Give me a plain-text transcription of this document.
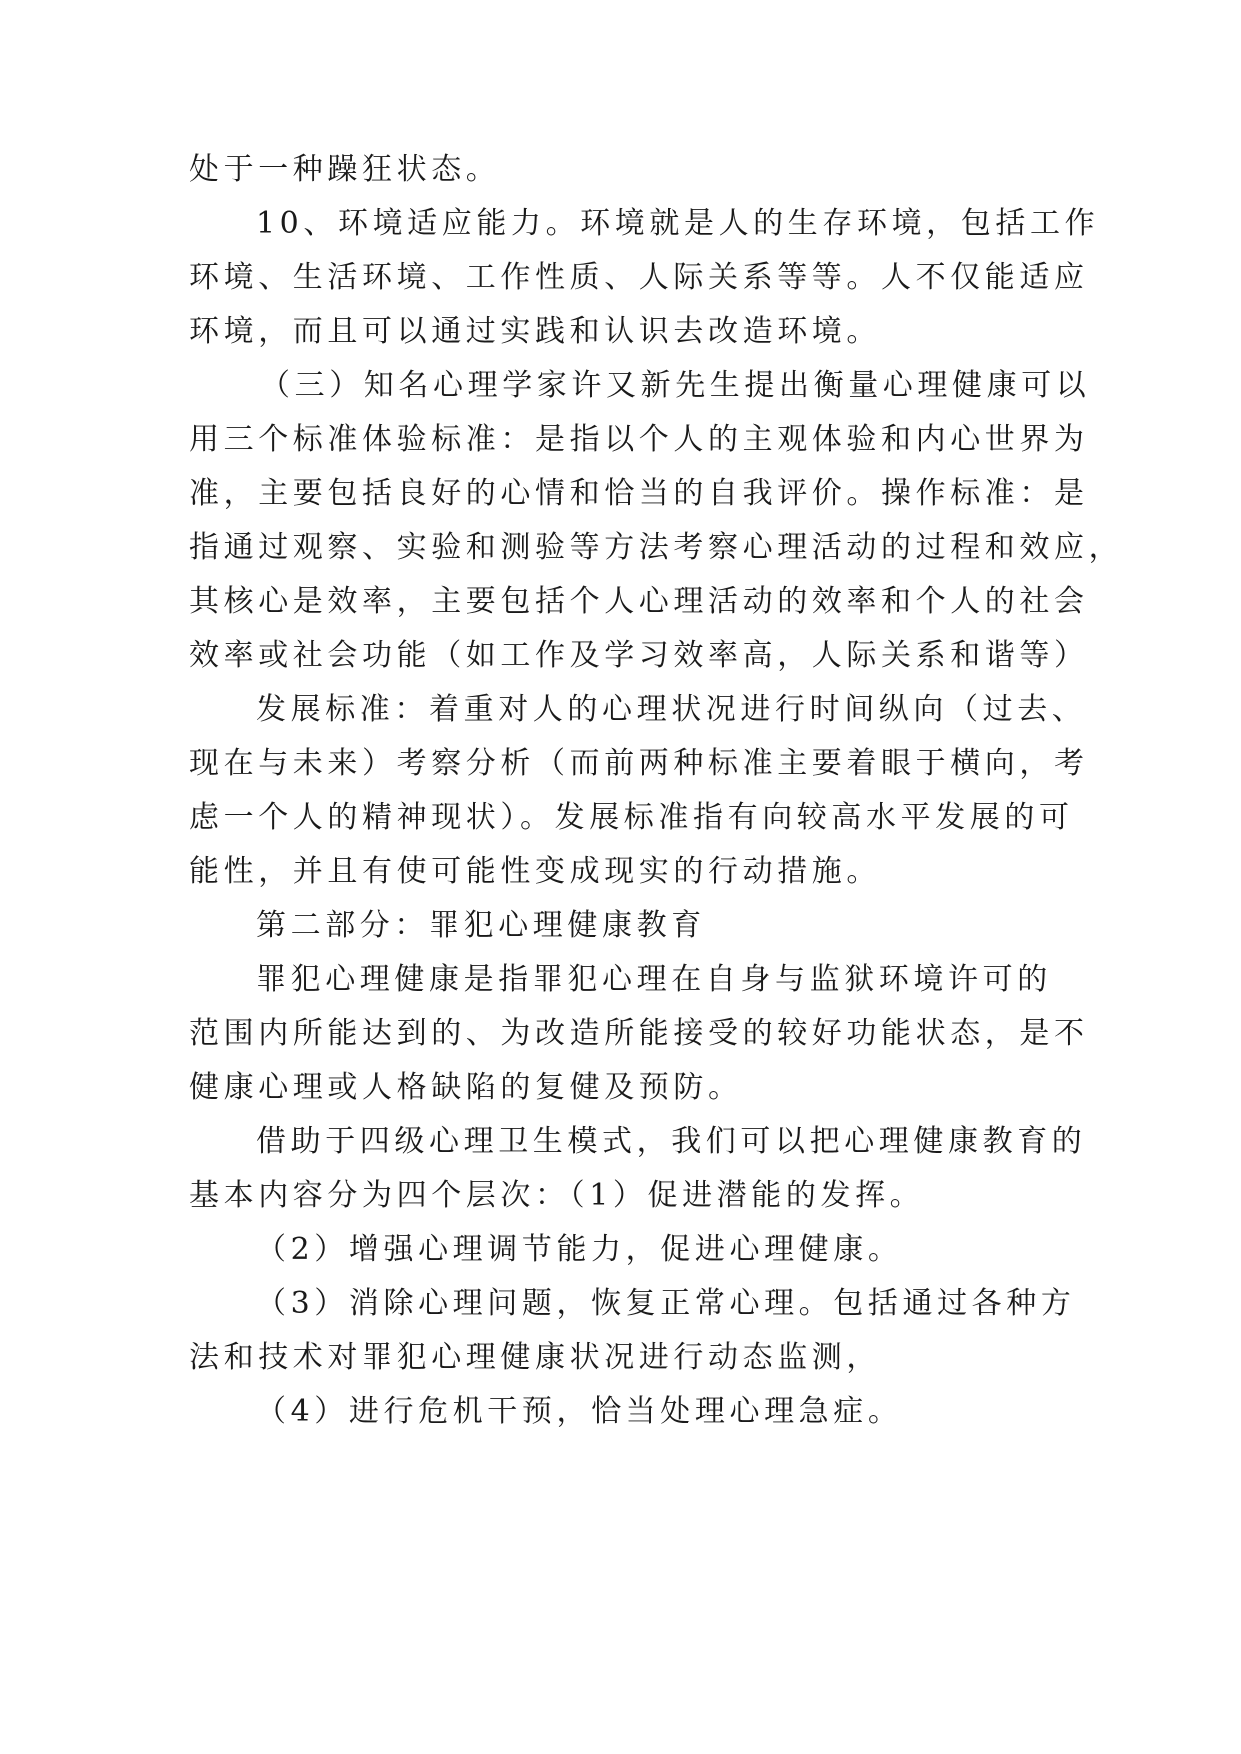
处于一种躁狂状态。
10、环境适应能力。环境就是人的生存环境，包括工作
环境、生活环境、工作性质、人际关系等等。人不仅能适应
环境，而且可以通过实践和认识去改造环境。
（三）知名心理学家许又新先生提出衡量心理健康可以
用三个标准体验标准：是指以个人的主观体验和内心世界为
准，主要包括良好的心情和恰当的自我评价。操作标准：是
指通过观察、实验和测验等方法考察心理活动的过程和效应，
其核心是效率，主要包括个人心理活动的效率和个人的社会
效率或社会功能（如工作及学习效率高，人际关系和谐等）
发展标准：着重对人的心理状况进行时间纵向（过去、
现在与未来）考察分析（而前两种标准主要着眼于横向，考
虑一个人的精神现状）。发展标准指有向较高水平发展的可
能性，并且有使可能性变成现实的行动措施。
第二部分：罪犯心理健康教育
罪犯心理健康是指罪犯心理在自身与监狱环境许可的
范围内所能达到的、为改造所能接受的较好功能状态，是不
健康心理或人格缺陷的复健及预防。
借助于四级心理卫生模式，我们可以把心理健康教育的
基本内容分为四个层次：（1）促进潜能的发挥。
（2）增强心理调节能力，促进心理健康。
（3）消除心理问题，恢复正常心理。包括通过各种方
法和技术对罪犯心理健康状况进行动态监测，
（4）进行危机干预，恰当处理心理急症。
